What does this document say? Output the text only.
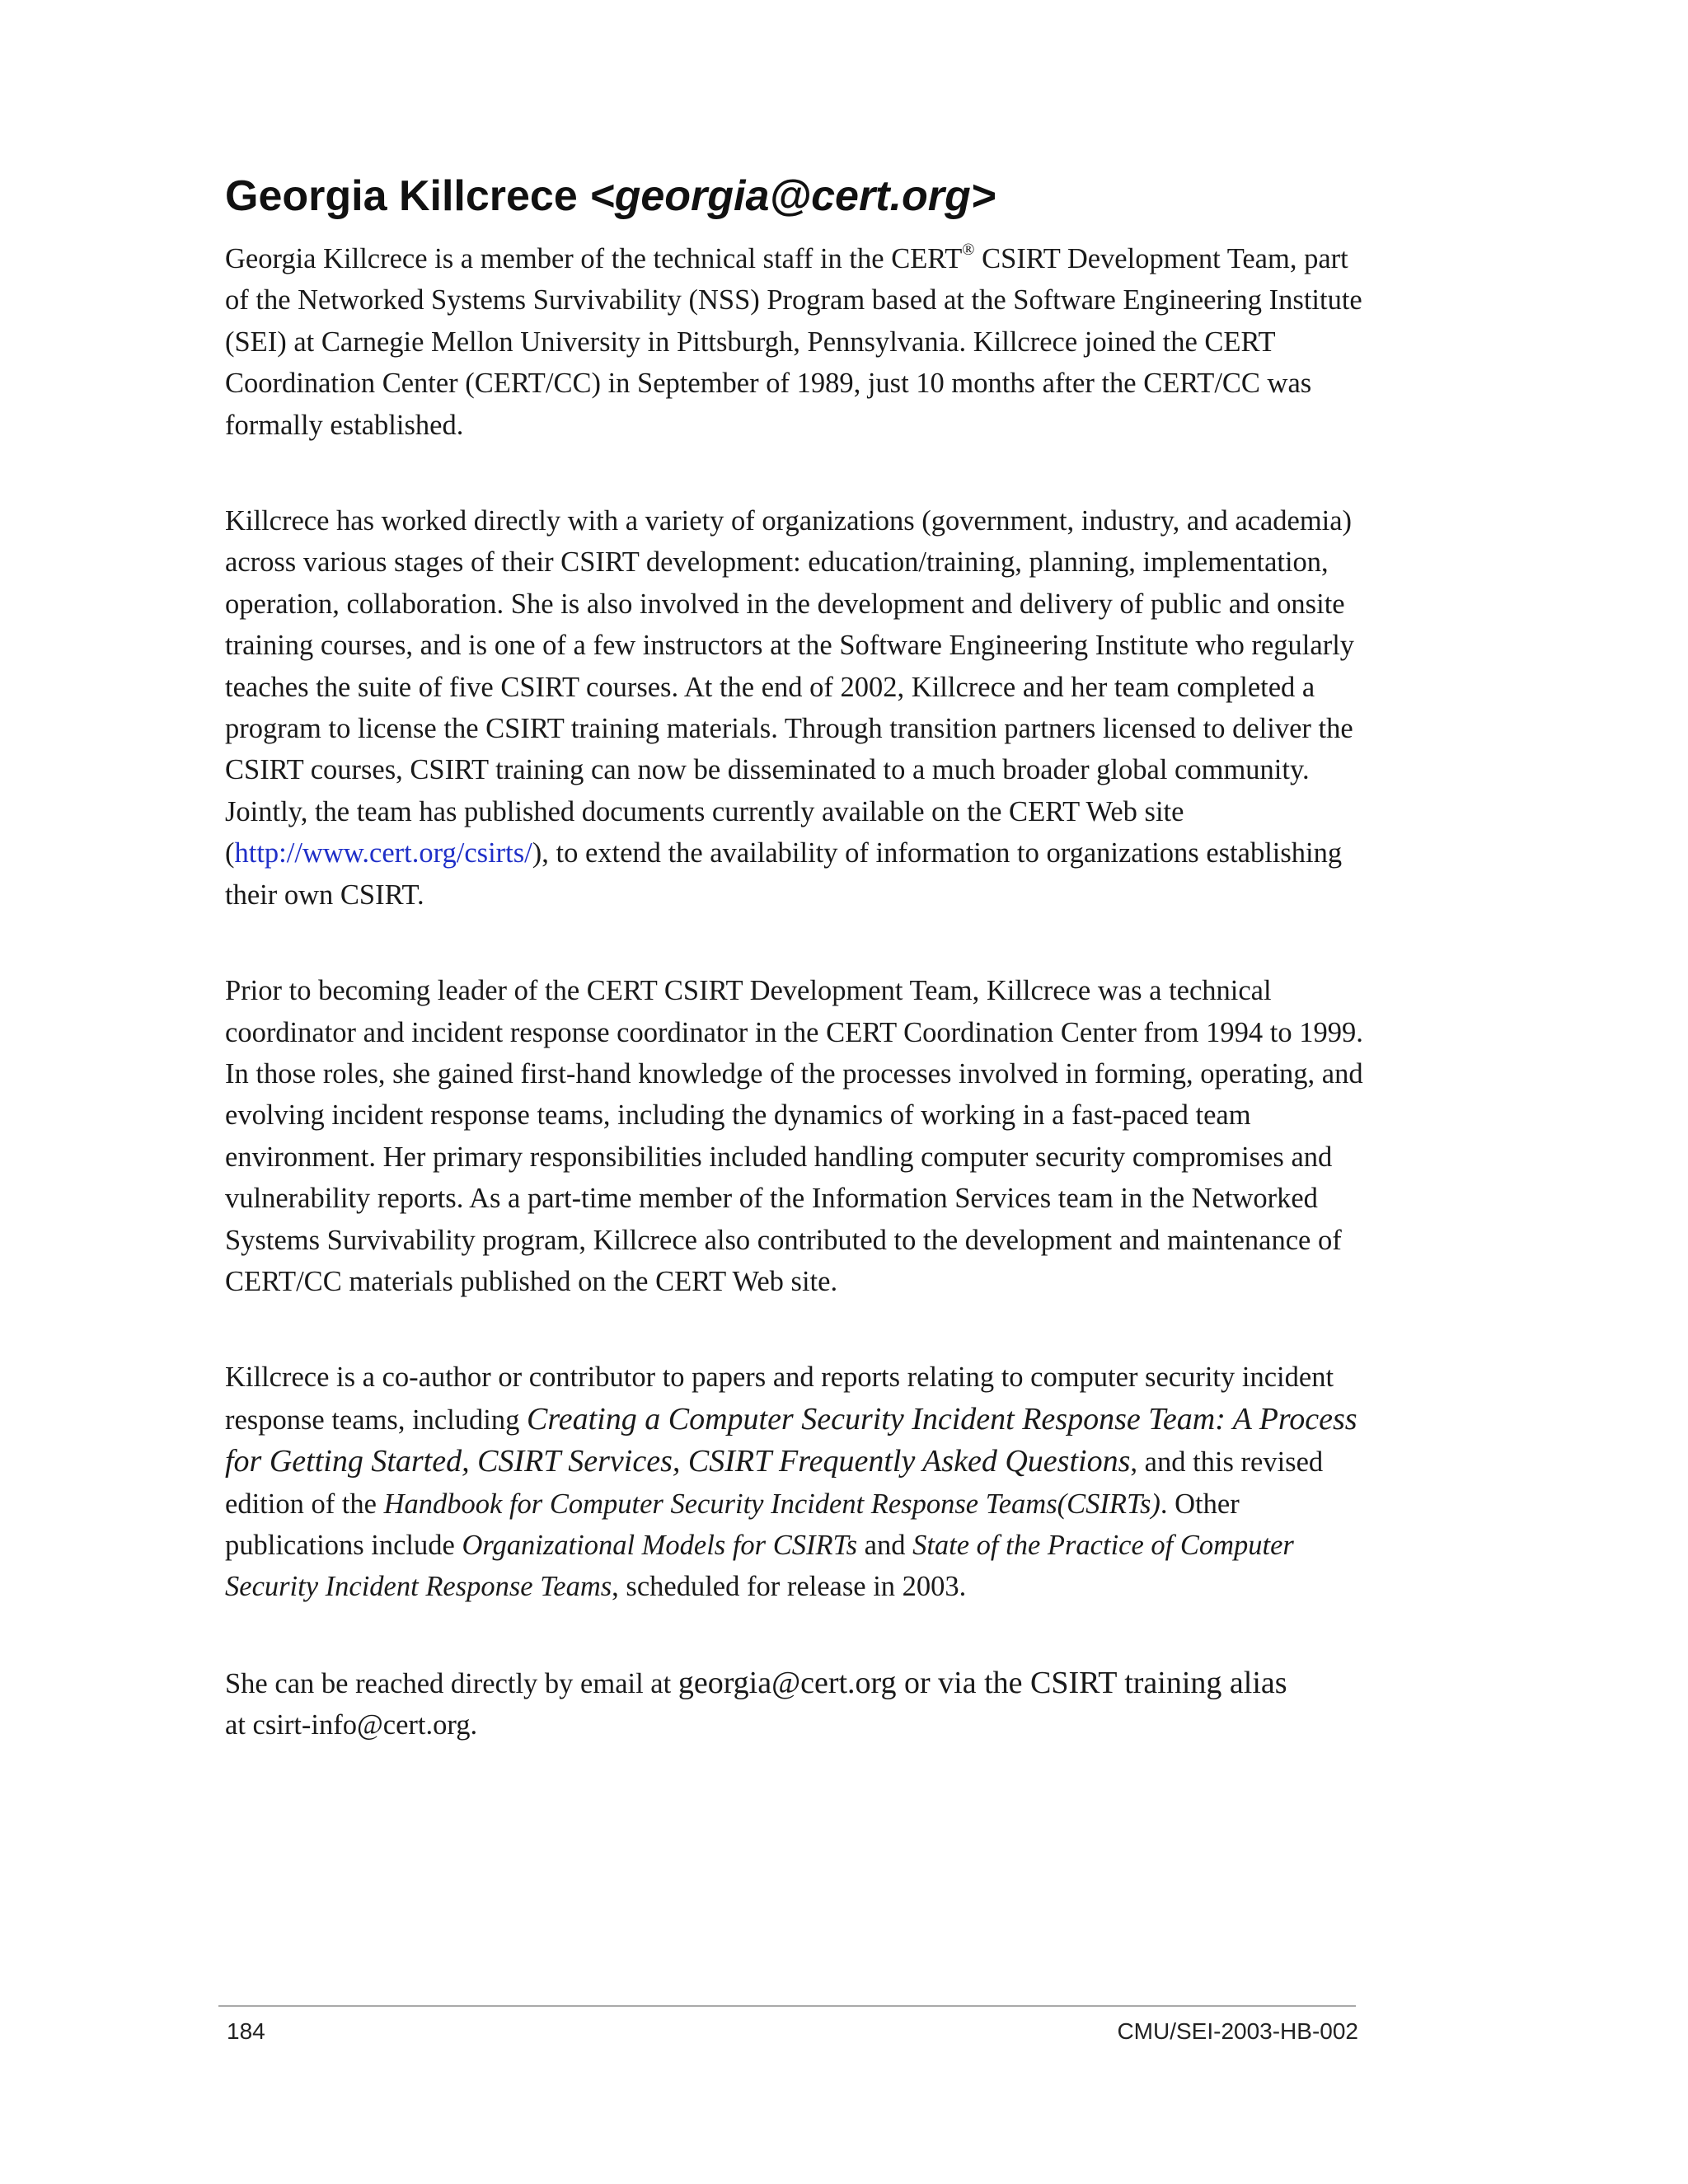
Georgia Killcrece <georgia@cert.org>

Georgia Killcrece is a member of the technical staff in the CERT® CSIRT Development Team, part of the Networked Systems Survivability (NSS) Program based at the Software Engineering Institute (SEI) at Carnegie Mellon University in Pittsburgh, Pennsylvania. Killcrece joined the CERT Coordination Center (CERT/CC) in September of 1989, just 10 months after the CERT/CC was formally established.

Killcrece has worked directly with a variety of organizations (government, industry, and academia) across various stages of their CSIRT development: education/training, planning, implementation, operation, collaboration. She is also involved in the development and delivery of public and onsite training courses, and is one of a few instructors at the Software Engineering Institute who regularly teaches the suite of five CSIRT courses. At the end of 2002, Killcrece and her team completed a program to license the CSIRT training materials. Through transition partners licensed to deliver the CSIRT courses, CSIRT training can now be disseminated to a much broader global community. Jointly, the team has published documents currently available on the CERT Web site (http://www.cert.org/csirts/), to extend the availability of information to organizations establishing their own CSIRT.

Prior to becoming leader of the CERT CSIRT Development Team, Killcrece was a technical coordinator and incident response coordinator in the CERT Coordination Center from 1994 to 1999. In those roles, she gained first-hand knowledge of the processes involved in forming, operating, and evolving incident response teams, including the dynamics of working in a fast-paced team environment. Her primary responsibilities included handling computer security compromises and vulnerability reports. As a part-time member of the Information Services team in the Networked Systems Survivability program, Killcrece also contributed to the development and maintenance of CERT/CC materials published on the CERT Web site.

Killcrece is a co-author or contributor to papers and reports relating to computer security incident response teams, including Creating a Computer Security Incident Response Team: A Process for Getting Started, CSIRT Services, CSIRT Frequently Asked Questions, and this revised edition of the Handbook for Computer Security Incident Response Teams(CSIRTs). Other publications include Organizational Models for CSIRTs and State of the Practice of Computer Security Incident Response Teams, scheduled for release in 2003.

She can be reached directly by email at georgia@cert.org or via the CSIRT training alias
at csirt-info@cert.org.

184	CMU/SEI-2003-HB-002
